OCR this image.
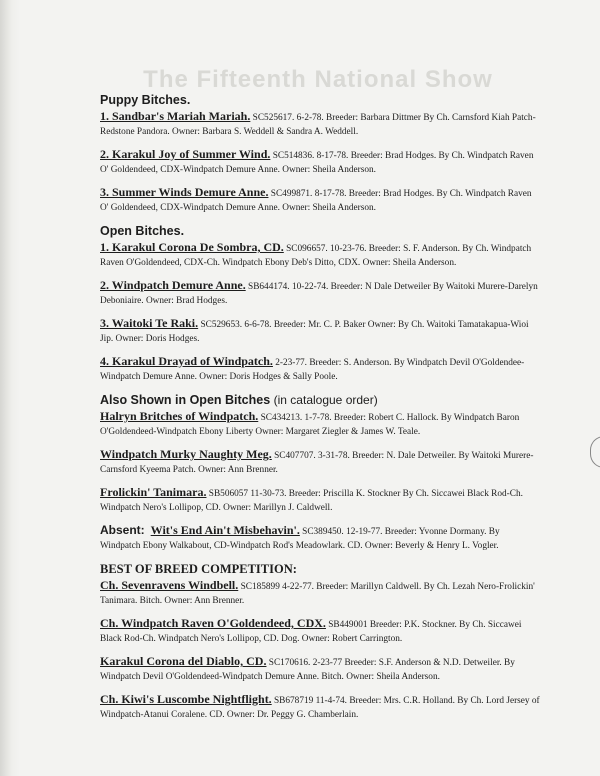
The Fifteenth National Show
Puppy Bitches.
1. Sandbar's Mariah Mariah. SC525617. 6-2-78. Breeder: Barbara Dittmer By Ch. Carnsford Kiah Patch-Redstone Pandora. Owner: Barbara S. Weddell & Sandra A. Weddell.
2. Karakul Joy of Summer Wind. SC514836. 8-17-78. Breeder: Brad Hodges. By Ch. Windpatch Raven O' Goldendeed, CDX-Windpatch Demure Anne. Owner: Sheila Anderson.
3. Summer Winds Demure Anne. SC499871. 8-17-78. Breeder: Brad Hodges. By Ch. Windpatch Raven O' Goldendeed, CDX-Windpatch Demure Anne. Owner: Sheila Anderson.
Open Bitches.
1. Karakul Corona De Sombra, CD. SC096657. 10-23-76. Breeder: S. F. Anderson. By Ch. Windpatch Raven O'Goldendeed, CDX-Ch. Windpatch Ebony Deb's Ditto, CDX. Owner: Sheila Anderson.
2. Windpatch Demure Anne. SB644174. 10-22-74. Breeder: N Dale Detweiler By Waitoki Murere-Darelyn Deboniaire. Owner: Brad Hodges.
3. Waitoki Te Raki. SC529653. 6-6-78. Breeder: Mr. C. P. Baker Owner: By Ch. Waitoki Tamatakapua-Wioi Jip. Owner: Doris Hodges.
4. Karakul Drayad of Windpatch. 2-23-77. Breeder: S. Anderson. By Windpatch Devil O'Goldendee-Windpatch Demure Anne. Owner: Doris Hodges & Sally Poole.
Also Shown in Open Bitches (in catalogue order)
Halryn Britches of Windpatch. SC434213. 1-7-78. Breeder: Robert C. Hallock. By Windpatch Baron O'Goldendeed-Windpatch Ebony Liberty Owner: Margaret Ziegler & James W. Teale.
Windpatch Murky Naughty Meg. SC407707. 3-31-78. Breeder: N. Dale Detweiler. By Waitoki Murere-Carnsford Kyeema Patch. Owner: Ann Brenner.
Frolickin' Tanimara. SB506057 11-30-73. Breeder: Priscilla K. Stockner By Ch. Siccawei Black Rod-Ch. Windpatch Nero's Lollipop, CD. Owner: Marillyn J. Caldwell.
Absent: Wit's End Ain't Misbehavin'. SC389450. 12-19-77. Breeder: Yvonne Dormany. By Windpatch Ebony Walkabout, CD-Windpatch Rod's Meadowlark. CD. Owner: Beverly & Henry L. Vogler.
BEST OF BREED COMPETITION:
Ch. Sevenravens Windbell. SC185899 4-22-77. Breeder: Marillyn Caldwell. By Ch. Lezah Nero-Frolickin' Tanimara. Bitch. Owner: Ann Brenner.
Ch. Windpatch Raven O'Goldendeed, CDX. SB449001 Breeder: P.K. Stockner. By Ch. Siccawei Black Rod-Ch. Windpatch Nero's Lollipop, CD. Dog. Owner: Robert Carrington.
Karakul Corona del Diablo, CD. SC170616. 2-23-77 Breeder: S.F. Anderson & N.D. Detweiler. By Windpatch Devil O'Goldendeed-Windpatch Demure Anne. Bitch. Owner: Sheila Anderson.
Ch. Kiwi's Luscombe Nightflight. SB678719 11-4-74. Breeder: Mrs. C.R. Holland. By Ch. Lord Jersey of Windpatch-Atanui Coralene. CD. Owner: Dr. Peggy G. Chamberlain.
